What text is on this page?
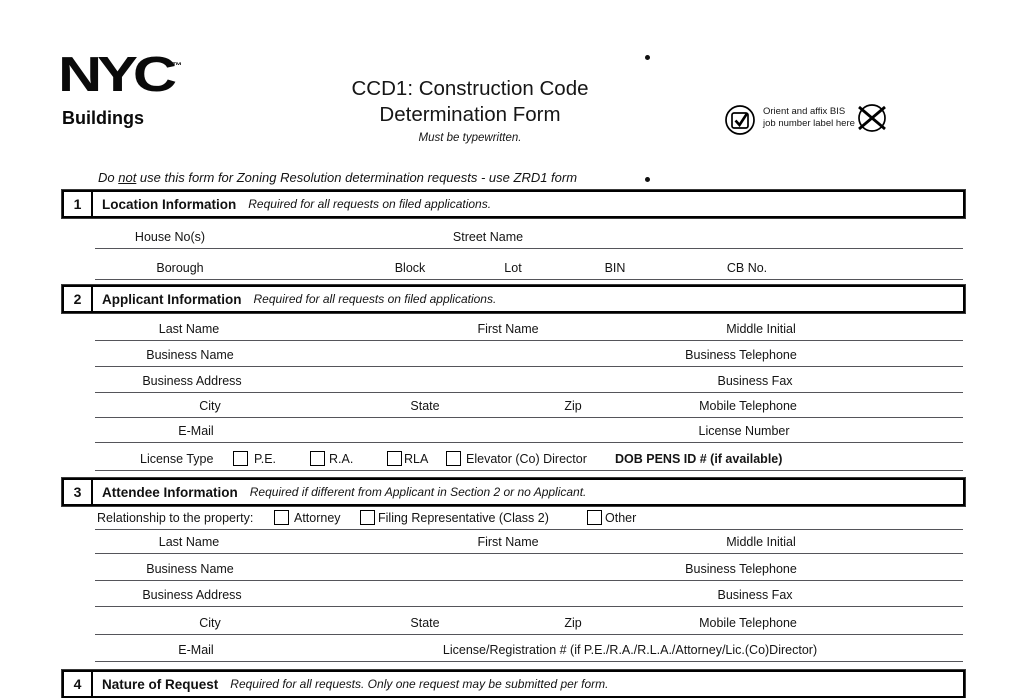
NYC™
Buildings
CCD1: Construction Code
Determination Form
Must be typewritten.
Orient and affix BIS
job number label here
Do not use this form for Zoning Resolution determination requests - use ZRD1 form
1	Location Information	Required for all requests on filed applications.
House No(s)	Street Name
Borough	Block	Lot	BIN	CB No.
2	Applicant Information	Required for all requests on filed applications.
Last Name	First Name	Middle Initial
Business Name	Business Telephone
Business Address	Business Fax
City	State	Zip	Mobile Telephone
E-Mail	License Number
License Type	P.E.	R.A.	RLA	Elevator (Co) Director DOB PENS ID # (if available)
3	Attendee Information	Required if different from Applicant in Section 2 or no Applicant.
Relationship to the property:	Attorney	Filing Representative (Class 2)	Other
Last Name	First Name	Middle Initial
Business Name	Business Telephone
Business Address	Business Fax
City	State	Zip	Mobile Telephone
E-Mail	License/Registration # (if P.E./R.A./R.L.A./Attorney/Lic.(Co)Director)
4	Nature of Request	Required for all requests. Only one request may be submitted per form.
